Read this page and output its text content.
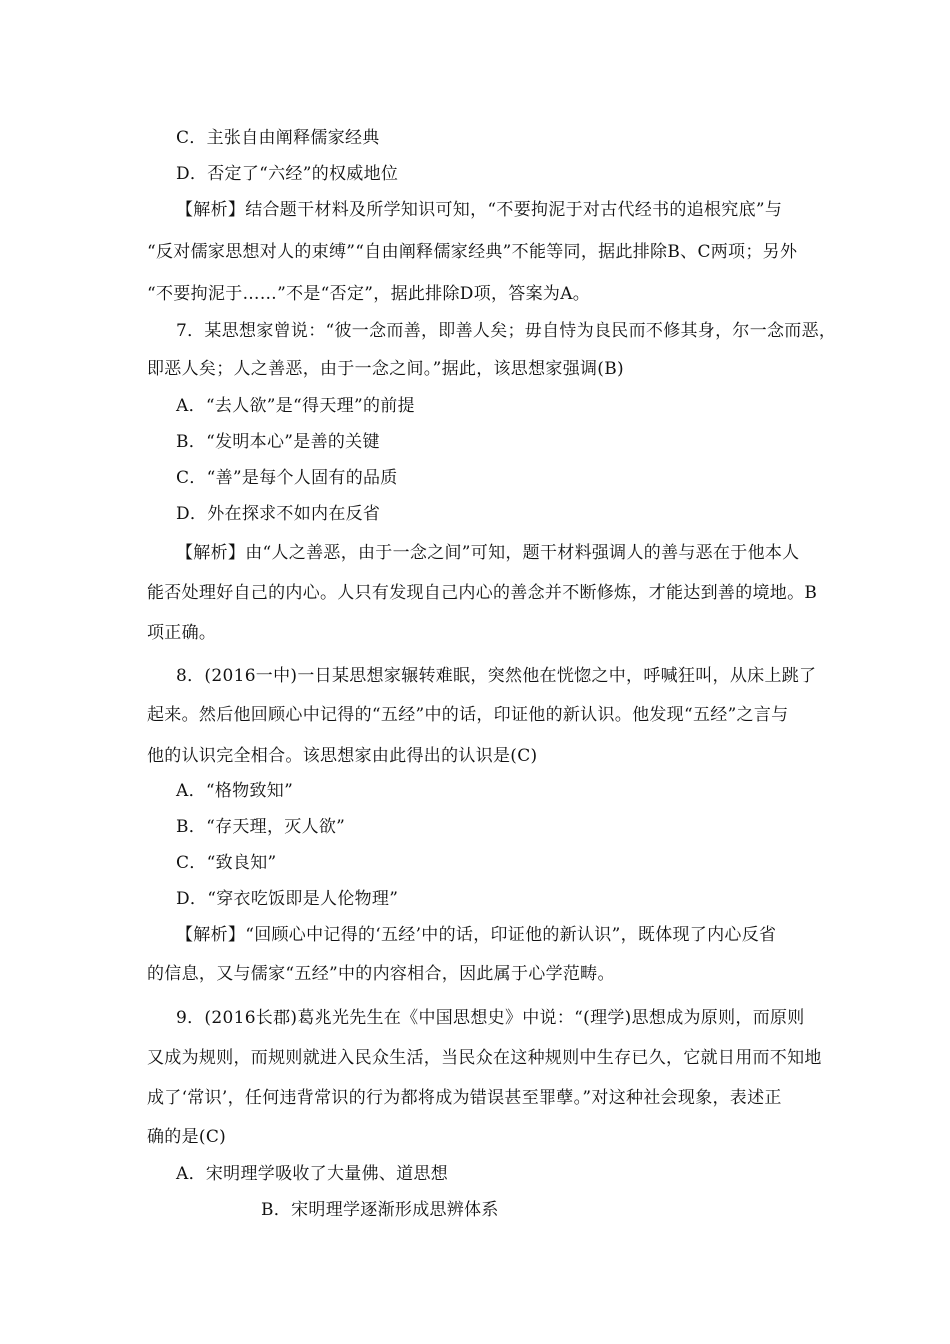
C．主张自由阐释儒家经典
D．否定了“六经”的权威地位
【解析】结合题干材料及所学知识可知，“不要拘泥于对古代经书的追根究底”与
“反对儒家思想对人的束缚”“自由阐释儒家经典”不能等同，据此排除B、C两项；另外
“不要拘泥于……”不是“否定”，据此排除D项，答案为A。
7．某思想家曾说：“彼一念而善，即善人矣；毋自恃为良民而不修其身，尔一念而恶，
即恶人矣；人之善恶，由于一念之间。”据此，该思想家强调(B)
A．“去人欲”是“得天理”的前提
B．“发明本心”是善的关键
C．“善”是每个人固有的品质
D．外在探求不如内在反省
【解析】由“人之善恶，由于一念之间”可知，题干材料强调人的善与恶在于他本人
能否处理好自己的内心。人只有发现自己内心的善念并不断修炼，才能达到善的境地。B
项正确。
8．(2016一中)一日某思想家辗转难眠，突然他在恍惚之中，呼喊狂叫，从床上跳了
起来。然后他回顾心中记得的“五经”中的话，印证他的新认识。他发现“五经”之言与
他的认识完全相合。该思想家由此得出的认识是(C)
A．“格物致知”
B．“存天理，灭人欲”
C．“致良知”
D．“穿衣吃饭即是人伦物理”
【解析】“回顾心中记得的‘五经’中的话，印证他的新认识”，既体现了内心反省
的信息，又与儒家“五经”中的内容相合，因此属于心学范畴。
9．(2016长郡)葛兆光先生在《中国思想史》中说：“(理学)思想成为原则，而原则
又成为规则，而规则就进入民众生活，当民众在这种规则中生存已久，它就日用而不知地
成了‘常识’，任何违背常识的行为都将成为错误甚至罪孽。”对这种社会现象，表述正
确的是(C)
A．宋明理学吸收了大量佛、道思想
B．宋明理学逐渐形成思辨体系
